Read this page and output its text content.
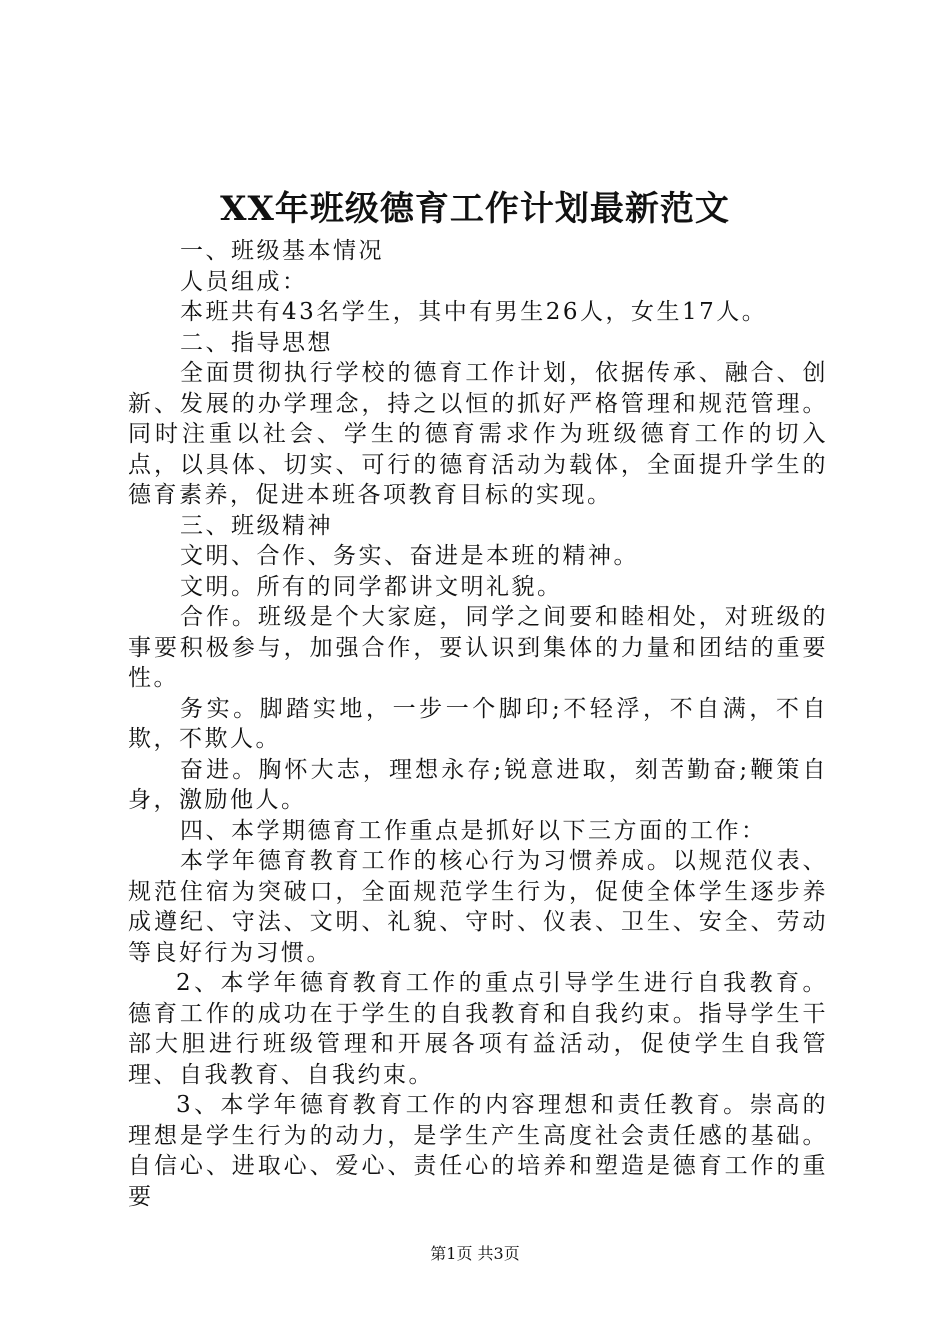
XX年班级德育工作计划最新范文

一、班级基本情况

人员组成：

本班共有43名学生，其中有男生26人，女生17人。

二、指导思想

全面贯彻执行学校的德育工作计划，依据传承、融合、创新、发展的办学理念，持之以恒的抓好严格管理和规范管理。同时注重以社会、学生的德育需求作为班级德育工作的切入点，以具体、切实、可行的德育活动为载体，全面提升学生的德育素养，促进本班各项教育目标的实现。

三、班级精神

文明、合作、务实、奋进是本班的精神。

文明。所有的同学都讲文明礼貌。

合作。班级是个大家庭，同学之间要和睦相处，对班级的事要积极参与，加强合作，要认识到集体的力量和团结的重要性。

务实。脚踏实地，一步一个脚印;不轻浮，不自满，不自欺，不欺人。

奋进。胸怀大志，理想永存;锐意进取，刻苦勤奋;鞭策自身，激励他人。

四、本学期德育工作重点是抓好以下三方面的工作：

本学年德育教育工作的核心行为习惯养成。以规范仪表、规范住宿为突破口，全面规范学生行为，促使全体学生逐步养成遵纪、守法、文明、礼貌、守时、仪表、卫生、安全、劳动等良好行为习惯。

2、本学年德育教育工作的重点引导学生进行自我教育。德育工作的成功在于学生的自我教育和自我约束。指导学生干部大胆进行班级管理和开展各项有益活动，促使学生自我管理、自我教育、自我约束。

3、本学年德育教育工作的内容理想和责任教育。崇高的理想是学生行为的动力，是学生产生高度社会责任感的基础。自信心、进取心、爱心、责任心的培养和塑造是德育工作的重要

第1页 共3页
